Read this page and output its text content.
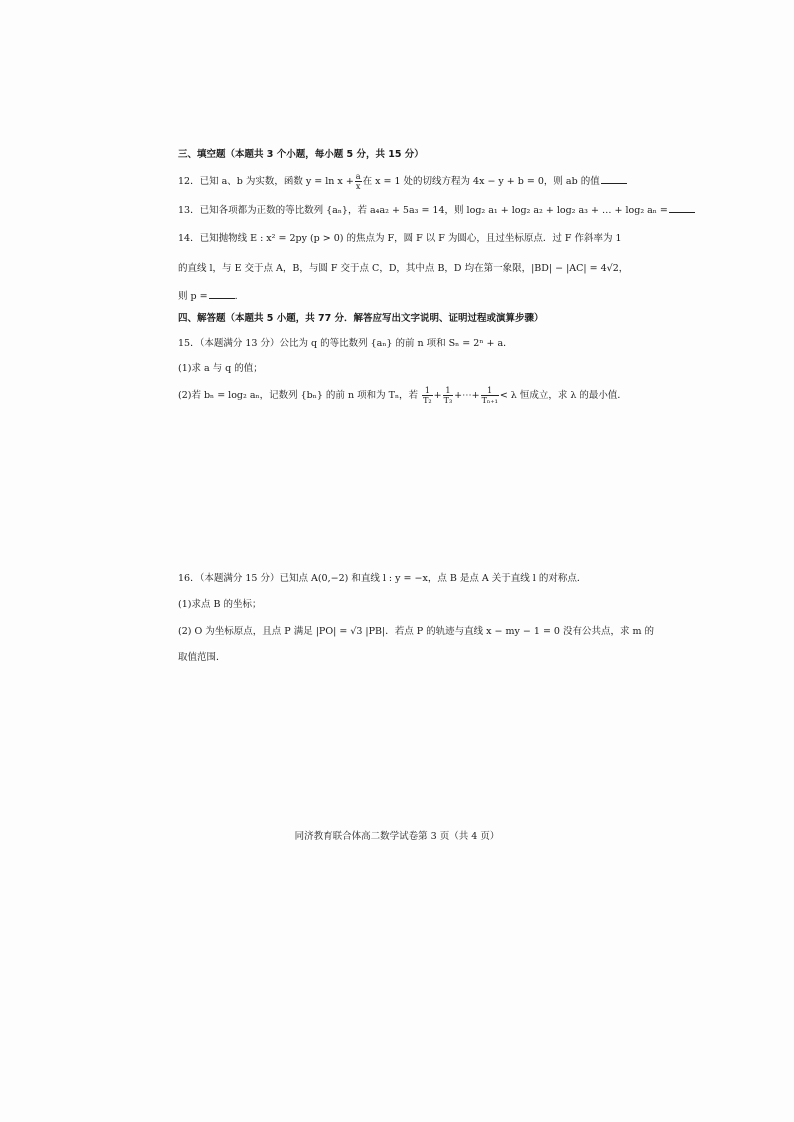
三、填空题（本题共 3 个小题，每小题 5 分，共 15 分）
12．已知 a、b 为实数，函数 $y = \ln x + \frac{a}{x}$ 在 x = 1 处的切线方程为 4x − y + b = 0，则 ab 的值
13．已知各项都为正数的等比数列 {aₙ}，若 a₄a₂ + 5a₃ = 14，则 log₂ a₁ + log₂ a₂ + log₂ a₃ + … + log₂ aₙ =
14．已知抛物线 E : x² = 2py (p > 0) 的焦点为 F，圆 F 以 F 为圆心，且过坐标原点．过 F 作斜率为 1
的直线 l，与 E 交于点 A，B，与圆 F 交于点 C，D，其中点 B，D 均在第一象限，|BD| − |AC| = 4√2，
则 p =	.
四、解答题（本题共 5 小题，共 77 分．解答应写出文字说明、证明过程或演算步骤）
15．（本题满分 13 分）公比为 q 的等比数列 {aₙ} 的前 n 项和 Sₙ = 2ⁿ + a．
(1)求 a 与 q 的值；
(2)若 bₙ = log₂ aₙ，记数列 {bₙ} 的前 n 项和为 Tₙ，若 $\frac{1}{\text{T₂}} + \frac{1}{\text{T₃}}$ +⋯+ $\frac{1}{\text{Tₙ₊₁}} < \lambda$ 恒成立，求 λ 的最小值．
16．（本题满分 15 分）已知点 A(0,−2) 和直线 l : y = −x，点 B 是点 A 关于直线 l 的对称点．
(1)求点 B 的坐标；
(2) O 为坐标原点，且点 P 满足 |PO| = √3 |PB|．若点 P 的轨迹与直线 x − my − 1 = 0 没有公共点，求 m 的
取值范围．
同济教育联合体高二数学试卷第 3 页（共 4 页）
